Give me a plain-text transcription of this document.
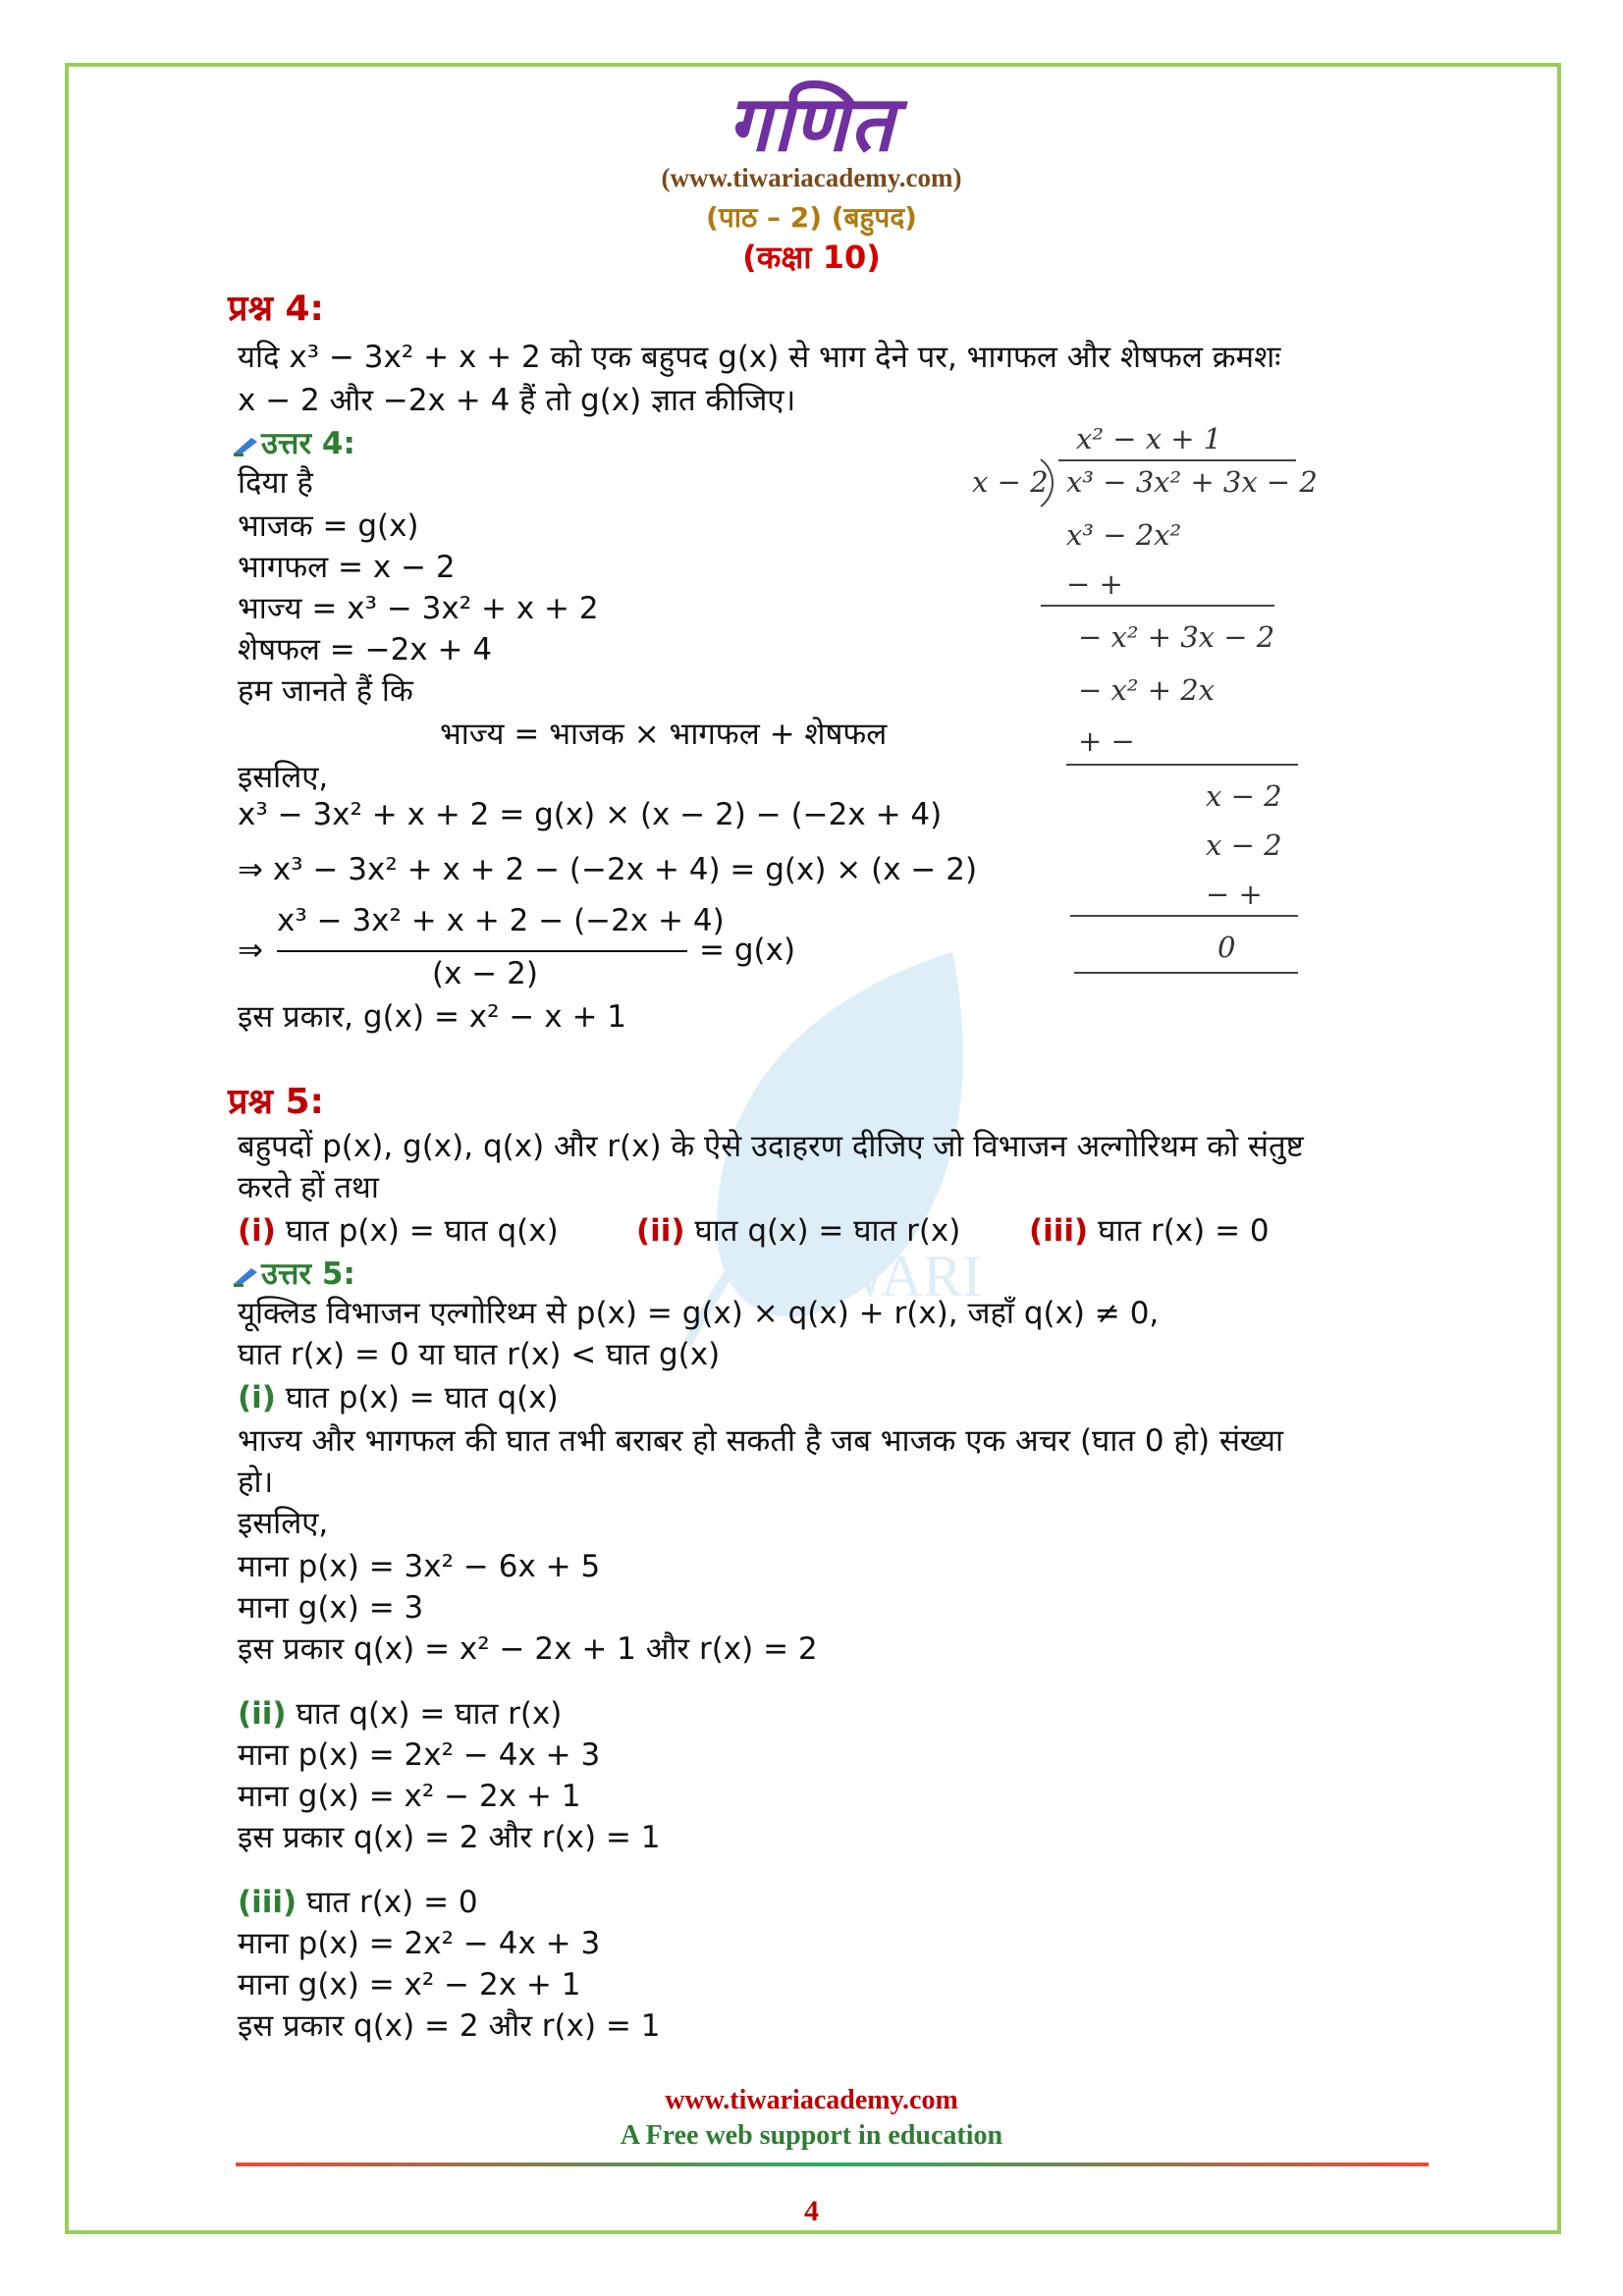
TIWARI
गणित
(www.tiwariacademy.com)
(पाठ – 2) (बहुपद)
(कक्षा 10)
प्रश्न 4:
यदि x³ − 3x² + x + 2 को एक बहुपद g(x) से भाग देने पर, भागफल और शेषफल क्रमशः
x − 2 और −2x + 4 हैं तो g(x) ज्ञात कीजिए।
उत्तर 4:
दिया है
भाजक = g(x)
भागफल = x − 2
भाज्य = x³ − 3x² + x + 2
शेषफल = −2x + 4
हम जानते हैं कि
भाज्य = भाजक × भागफल + शेषफल
इसलिए,
x³ − 3x² + x + 2 = g(x) × (x − 2) − (−2x + 4)
⇒ x³ − 3x² + x + 2 − (−2x + 4) = g(x) × (x − 2)
⇒
x³ − 3x² + x + 2 − (−2x + 4)
(x − 2)
= g(x)
इस प्रकार, g(x) = x² − x + 1
x² − x + 1
x − 2 x³ − 3x² + 3x − 2
x³ − 2x²
− +
− x² + 3x − 2
− x² + 2x
+ −
x − 2
x − 2
− +
0
प्रश्न 5:
बहुपदों p(x), g(x), q(x) और r(x) के ऐसे उदाहरण दीजिए जो विभाजन अल्गोरिथम को संतुष्ट
करते हों तथा
(i) घात p(x) = घात q(x)	(ii) घात q(x) = घात r(x) (iii) घात r(x) = 0
उत्तर 5:
यूक्लिड विभाजन एल्गोरिथ्म से p(x) = g(x) × q(x) + r(x), जहाँ q(x) ≠ 0,
घात r(x) = 0 या घात r(x) < घात g(x)
(i) घात p(x) = घात q(x)
भाज्य और भागफल की घात तभी बराबर हो सकती है जब भाजक एक अचर (घात 0 हो) संख्या
हो।
इसलिए,
माना p(x) = 3x² − 6x + 5
माना g(x) = 3
इस प्रकार q(x) = x² − 2x + 1 और r(x) = 2
(ii) घात q(x) = घात r(x)
माना p(x) = 2x² − 4x + 3
माना g(x) = x² − 2x + 1
इस प्रकार q(x) = 2 और r(x) = 1
(iii) घात r(x) = 0
माना p(x) = 2x² − 4x + 3
माना g(x) = x² − 2x + 1
इस प्रकार q(x) = 2 और r(x) = 1
www.tiwariacademy.com
A Free web support in education
4
